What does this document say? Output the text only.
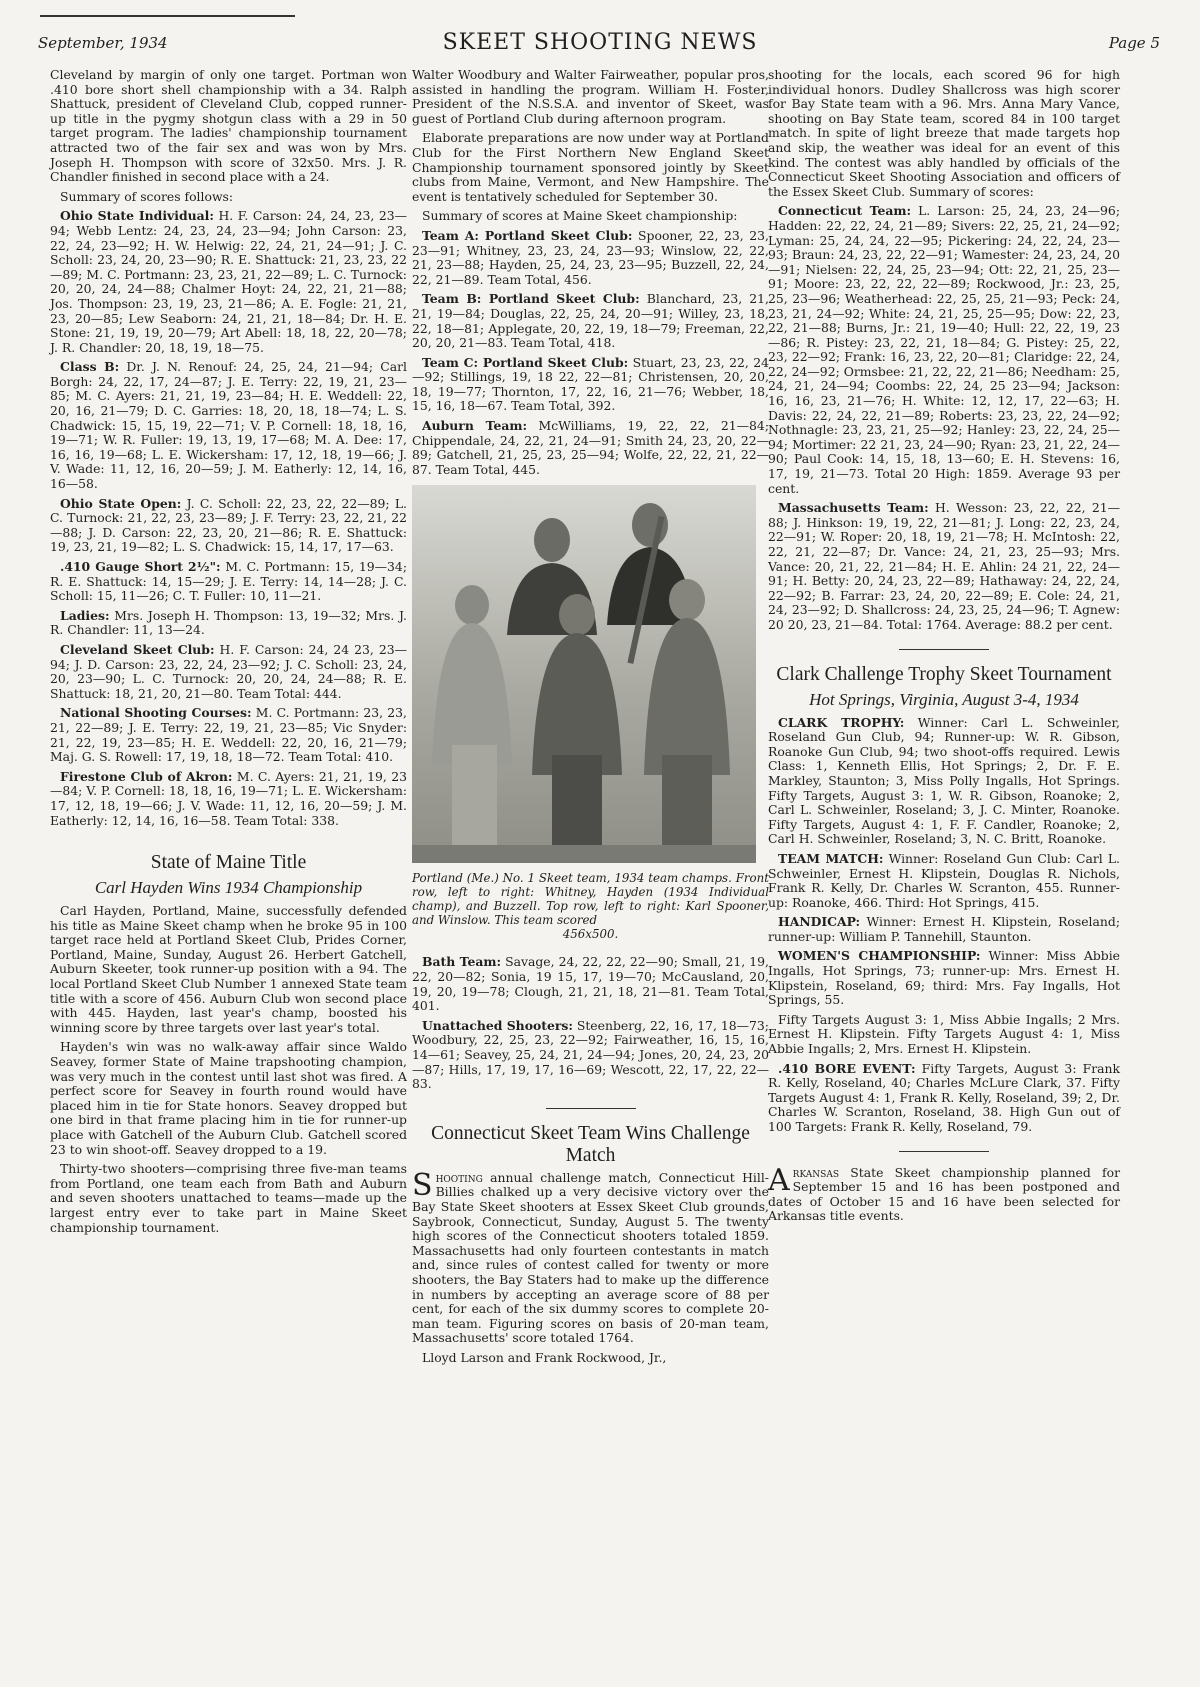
September, 1934	SKEET SHOOTING NEWS	Page 5

Cleveland by margin of only one target. Portman won .410 bore short shell championship with a 34. Ralph Shattuck, president of Cleveland Club, copped runner-up title in the pygmy shotgun class with a 29 in 50 target program. The ladies' championship tournament attracted two of the fair sex and was won by Mrs. Joseph H. Thompson with score of 32x50. Mrs. J. R. Chandler finished in second place with a 24.

Summary of scores follows:

Ohio State Individual: H. F. Carson: 24, 24, 23, 23—94; Webb Lentz: 24, 23, 24, 23—94; John Carson: 23, 22, 24, 23—92; H. W. Helwig: 22, 24, 21, 24—91; J. C. Scholl: 23, 24, 20, 23—90; R. E. Shattuck: 21, 23, 23, 22—89; M. C. Portmann: 23, 23, 21, 22—89; L. C. Turnock: 20, 20, 24, 24—88; Chalmer Hoyt: 24, 22, 21, 21—88; Jos. Thompson: 23, 19, 23, 21—86; A. E. Fogle: 21, 21, 23, 20—85; Lew Seaborn: 24, 21, 21, 18—84; Dr. H. E. Stone: 21, 19, 19, 20—79; Art Abell: 18, 18, 22, 20—78; J. R. Chandler: 20, 18, 19, 18—75.

Class B: Dr. J. N. Renouf: 24, 25, 24, 21—94; Carl Borgh: 24, 22, 17, 24—87; J. E. Terry: 22, 19, 21, 23—85; M. C. Ayers: 21, 21, 19, 23—84; H. E. Weddell: 22, 20, 16, 21—79; D. C. Garries: 18, 20, 18, 18—74; L. S. Chadwick: 15, 15, 19, 22—71; V. P. Cornell: 18, 18, 16, 19—71; W. R. Fuller: 19, 13, 19, 17—68; M. A. Dee: 17, 16, 16, 19—68; L. E. Wickersham: 17, 12, 18, 19—66; J. V. Wade: 11, 12, 16, 20—59; J. M. Eatherly: 12, 14, 16, 16—58.

Ohio State Open: J. C. Scholl: 22, 23, 22, 22—89; L. C. Turnock: 21, 22, 23, 23—89; J. F. Terry: 23, 22, 21, 22—88; J. D. Carson: 22, 23, 20, 21—86; R. E. Shattuck: 19, 23, 21, 19—82; L. S. Chadwick: 15, 14, 17, 17—63.

.410 Gauge Short 2½": M. C. Portmann: 15, 19—34; R. E. Shattuck: 14, 15—29; J. E. Terry: 14, 14—28; J. C. Scholl: 15, 11—26; C. T. Fuller: 10, 11—21.

Ladies: Mrs. Joseph H. Thompson: 13, 19—32; Mrs. J. R. Chandler: 11, 13—24.

Cleveland Skeet Club: H. F. Carson: 24, 24 23, 23—94; J. D. Carson: 23, 22, 24, 23—92; J. C. Scholl: 23, 24, 20, 23—90; L. C. Turnock: 20, 20, 24, 24—88; R. E. Shattuck: 18, 21, 20, 21—80. Team Total: 444.

National Shooting Courses: M. C. Portmann: 23, 23, 21, 22—89; J. E. Terry: 22, 19, 21, 23—85; Vic Snyder: 21, 22, 19, 23—85; H. E. Weddell: 22, 20, 16, 21—79; Maj. G. S. Rowell: 17, 19, 18, 18—72. Team Total: 410.

Firestone Club of Akron: M. C. Ayers: 21, 21, 19, 23—84; V. P. Cornell: 18, 18, 16, 19—71; L. E. Wickersham: 17, 12, 18, 19—66; J. V. Wade: 11, 12, 16, 20—59; J. M. Eatherly: 12, 14, 16, 16—58. Team Total: 338.

State of Maine Title
Carl Hayden Wins 1934 Championship

Carl Hayden, Portland, Maine, successfully defended his title as Maine Skeet champ when he broke 95 in 100 target race held at Portland Skeet Club, Prides Corner, Portland, Maine, Sunday, August 26. Herbert Gatchell, Auburn Skeeter, took runner-up position with a 94. The local Portland Skeet Club Number 1 annexed State team title with a score of 456. Auburn Club won second place with 445. Hayden, last year's champ, boosted his winning score by three targets over last year's total.

Hayden's win was no walk-away affair since Waldo Seavey, former State of Maine trapshooting champion, was very much in the contest until last shot was fired. A perfect score for Seavey in fourth round would have placed him in tie for State honors. Seavey dropped but one bird in that frame placing him in tie for runner-up place with Gatchell of the Auburn Club. Gatchell scored 23 to win shoot-off. Seavey dropped to a 19.

Thirty-two shooters—comprising three five-man teams from Portland, one team each from Bath and Auburn and seven shooters unattached to teams—made up the largest entry ever to take part in Maine Skeet championship tournament.

Walter Woodbury and Walter Fairweather, popular pros, assisted in handling the program. William H. Foster, President of the N.S.S.A. and inventor of Skeet, was guest of Portland Club during afternoon program.

Elaborate preparations are now under way at Portland Club for the First Northern New England Skeet Championship tournament sponsored jointly by Skeet clubs from Maine, Vermont, and New Hampshire. The event is tentatively scheduled for September 30.

Summary of scores at Maine Skeet championship:

Team A: Portland Skeet Club: Spooner, 22, 23, 23, 23—91; Whitney, 23, 23, 24, 23—93; Winslow, 22, 22, 21, 23—88; Hayden, 25, 24, 23, 23—95; Buzzell, 22, 24, 22, 21—89. Team Total, 456.

Team B: Portland Skeet Club: Blanchard, 23, 21, 21, 19—84; Douglas, 22, 25, 24, 20—91; Willey, 23, 18, 22, 18—81; Applegate, 20, 22, 19, 18—79; Freeman, 22, 20, 20, 21—83. Team Total, 418.

Team C: Portland Skeet Club: Stuart, 23, 23, 22, 24—92; Stillings, 19, 18 22, 22—81; Christensen, 20, 20, 18, 19—77; Thornton, 17, 22, 16, 21—76; Webber, 18, 15, 16, 18—67. Team Total, 392.

Auburn Team: McWilliams, 19, 22, 22, 21—84; Chippendale, 24, 22, 21, 24—91; Smith 24, 23, 20, 22—89; Gatchell, 21, 25, 23, 25—94; Wolfe, 22, 22, 21, 22—87. Team Total, 445.

Portland (Me.) No. 1 Skeet team, 1934 team champs. Front row, left to right: Whitney, Hayden (1934 Individual champ), and Buzzell. Top row, left to right: Karl Spooner, and Winslow. This team scored
456x500.

Bath Team: Savage, 24, 22, 22, 22—90; Small, 21, 19, 22, 20—82; Sonia, 19 15, 17, 19—70; McCausland, 20, 19, 20, 19—78; Clough, 21, 21, 18, 21—81. Team Total, 401.

Unattached Shooters: Steenberg, 22, 16, 17, 18—73; Woodbury, 22, 25, 23, 22—92; Fairweather, 16, 15, 16, 14—61; Seavey, 25, 24, 21, 24—94; Jones, 20, 24, 23, 20—87; Hills, 17, 19, 17, 16—69; Wescott, 22, 17, 22, 22—83.

Connecticut Skeet Team Wins Challenge Match

Shooting annual challenge match, Connecticut Hill-Billies chalked up a very decisive victory over the Bay State Skeet shooters at Essex Skeet Club grounds, Saybrook, Connecticut, Sunday, August 5. The twenty high scores of the Connecticut shooters totaled 1859. Massachusetts had only fourteen contestants in match and, since rules of contest called for twenty or more shooters, the Bay Staters had to make up the difference in numbers by accepting an average score of 88 per cent, for each of the six dummy scores to complete 20-man team. Figuring scores on basis of 20-man team, Massachusetts' score totaled 1764.

Lloyd Larson and Frank Rockwood, Jr.,

shooting for the locals, each scored 96 for high individual honors. Dudley Shallcross was high scorer for Bay State team with a 96. Mrs. Anna Mary Vance, shooting on Bay State team, scored 84 in 100 target match. In spite of light breeze that made targets hop and skip, the weather was ideal for an event of this kind. The contest was ably handled by officials of the Connecticut Skeet Shooting Association and officers of the Essex Skeet Club. Summary of scores:

Connecticut Team: L. Larson: 25, 24, 23, 24—96; Hadden: 22, 22, 24, 21—89; Sivers: 22, 25, 21, 24—92; Lyman: 25, 24, 24, 22—95; Pickering: 24, 22, 24, 23—93; Braun: 24, 23, 22, 22—91; Wamester: 24, 23, 24, 20—91; Nielsen: 22, 24, 25, 23—94; Ott: 22, 21, 25, 23—91; Moore: 23, 22, 22, 22—89; Rockwood, Jr.: 23, 25, 25, 23—96; Weatherhead: 22, 25, 25, 21—93; Peck: 24, 23, 21, 24—92; White: 24, 21, 25, 25—95; Dow: 22, 23, 22, 21—88; Burns, Jr.: 21, 19—40; Hull: 22, 22, 19, 23—86; R. Pistey: 23, 22, 21, 18—84; G. Pistey: 25, 22, 23, 22—92; Frank: 16, 23, 22, 20—81; Claridge: 22, 24, 22, 24—92; Ormsbee: 21, 22, 22, 21—86; Needham: 25, 24, 21, 24—94; Coombs: 22, 24, 25 23—94; Jackson: 16, 16, 23, 21—76; H. White: 12, 12, 17, 22—63; H. Davis: 22, 24, 22, 21—89; Roberts: 23, 23, 22, 24—92; Nothnagle: 23, 23, 21, 25—92; Hanley: 23, 22, 24, 25—94; Mortimer: 22 21, 23, 24—90; Ryan: 23, 21, 22, 24—90; Paul Cook: 14, 15, 18, 13—60; E. H. Stevens: 16, 17, 19, 21—73. Total 20 High: 1859. Average 93 per cent.

Massachusetts Team: H. Wesson: 23, 22, 22, 21—88; J. Hinkson: 19, 19, 22, 21—81; J. Long: 22, 23, 24, 22—91; W. Roper: 20, 18, 19, 21—78; H. McIntosh: 22, 22, 21, 22—87; Dr. Vance: 24, 21, 23, 25—93; Mrs. Vance: 20, 21, 22, 21—84; H. E. Ahlin: 24 21, 22, 24—91; H. Betty: 20, 24, 23, 22—89; Hathaway: 24, 22, 24, 22—92; B. Farrar: 23, 24, 20, 22—89; E. Cole: 24, 21, 24, 23—92; D. Shallcross: 24, 23, 25, 24—96; T. Agnew: 20 20, 23, 21—84. Total: 1764. Average: 88.2 per cent.

Clark Challenge Trophy Skeet Tournament
Hot Springs, Virginia, August 3-4, 1934

CLARK TROPHY: Winner: Carl L. Schweinler, Roseland Gun Club, 94; Runner-up: W. R. Gibson, Roanoke Gun Club, 94; two shoot-offs required. Lewis Class: 1, Kenneth Ellis, Hot Springs; 2, Dr. F. E. Markley, Staunton; 3, Miss Polly Ingalls, Hot Springs. Fifty Targets, August 3: 1, W. R. Gibson, Roanoke; 2, Carl L. Schweinler, Roseland; 3, J. C. Minter, Roanoke. Fifty Targets, August 4: 1, F. F. Candler, Roanoke; 2, Carl H. Schweinler, Roseland; 3, N. C. Britt, Roanoke.

TEAM MATCH: Winner: Roseland Gun Club: Carl L. Schweinler, Ernest H. Klipstein, Douglas R. Nichols, Frank R. Kelly, Dr. Charles W. Scranton, 455. Runner-up: Roanoke, 466. Third: Hot Springs, 415.

HANDICAP: Winner: Ernest H. Klipstein, Roseland; runner-up: William P. Tannehill, Staunton.

WOMEN'S CHAMPIONSHIP: Winner: Miss Abbie Ingalls, Hot Springs, 73; runner-up: Mrs. Ernest H. Klipstein, Roseland, 69; third: Mrs. Fay Ingalls, Hot Springs, 55.

Fifty Targets August 3: 1, Miss Abbie Ingalls; 2 Mrs. Ernest H. Klipstein. Fifty Targets August 4: 1, Miss Abbie Ingalls; 2, Mrs. Ernest H. Klipstein.

.410 BORE EVENT: Fifty Targets, August 3: Frank R. Kelly, Roseland, 40; Charles McLure Clark, 37. Fifty Targets August 4: 1, Frank R. Kelly, Roseland, 39; 2, Dr. Charles W. Scranton, Roseland, 38. High Gun out of 100 Targets: Frank R. Kelly, Roseland, 79.

Arkansas State Skeet championship planned for September 15 and 16 has been postponed and dates of October 15 and 16 have been selected for Arkansas title events.
